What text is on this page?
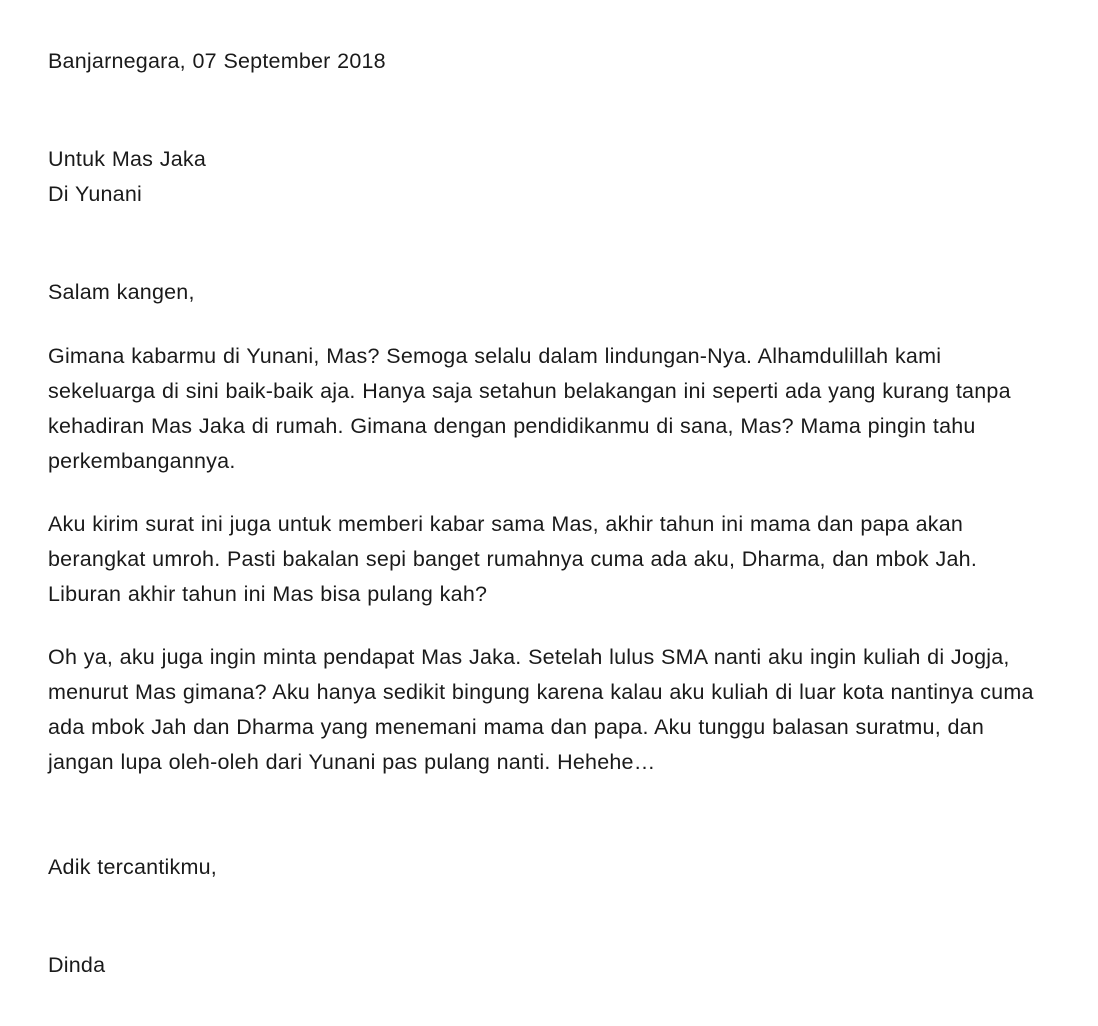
Banjarnegara, 07 September 2018

Untuk Mas Jaka
Di Yunani

Salam kangen,

Gimana kabarmu di Yunani, Mas? Semoga selalu dalam lindungan-Nya. Alhamdulillah kami sekeluarga di sini baik-baik aja. Hanya saja setahun belakangan ini seperti ada yang kurang tanpa kehadiran Mas Jaka di rumah. Gimana dengan pendidikanmu di sana, Mas? Mama pingin tahu perkembangannya.

Aku kirim surat ini juga untuk memberi kabar sama Mas, akhir tahun ini mama dan papa akan berangkat umroh. Pasti bakalan sepi banget rumahnya cuma ada aku, Dharma, dan mbok Jah. Liburan akhir tahun ini Mas bisa pulang kah?

Oh ya, aku juga ingin minta pendapat Mas Jaka. Setelah lulus SMA nanti aku ingin kuliah di Jogja, menurut Mas gimana? Aku hanya sedikit bingung karena kalau aku kuliah di luar kota nantinya cuma ada mbok Jah dan Dharma yang menemani mama dan papa. Aku tunggu balasan suratmu, dan jangan lupa oleh-oleh dari Yunani pas pulang nanti. Hehehe…

Adik tercantikmu,

Dinda
